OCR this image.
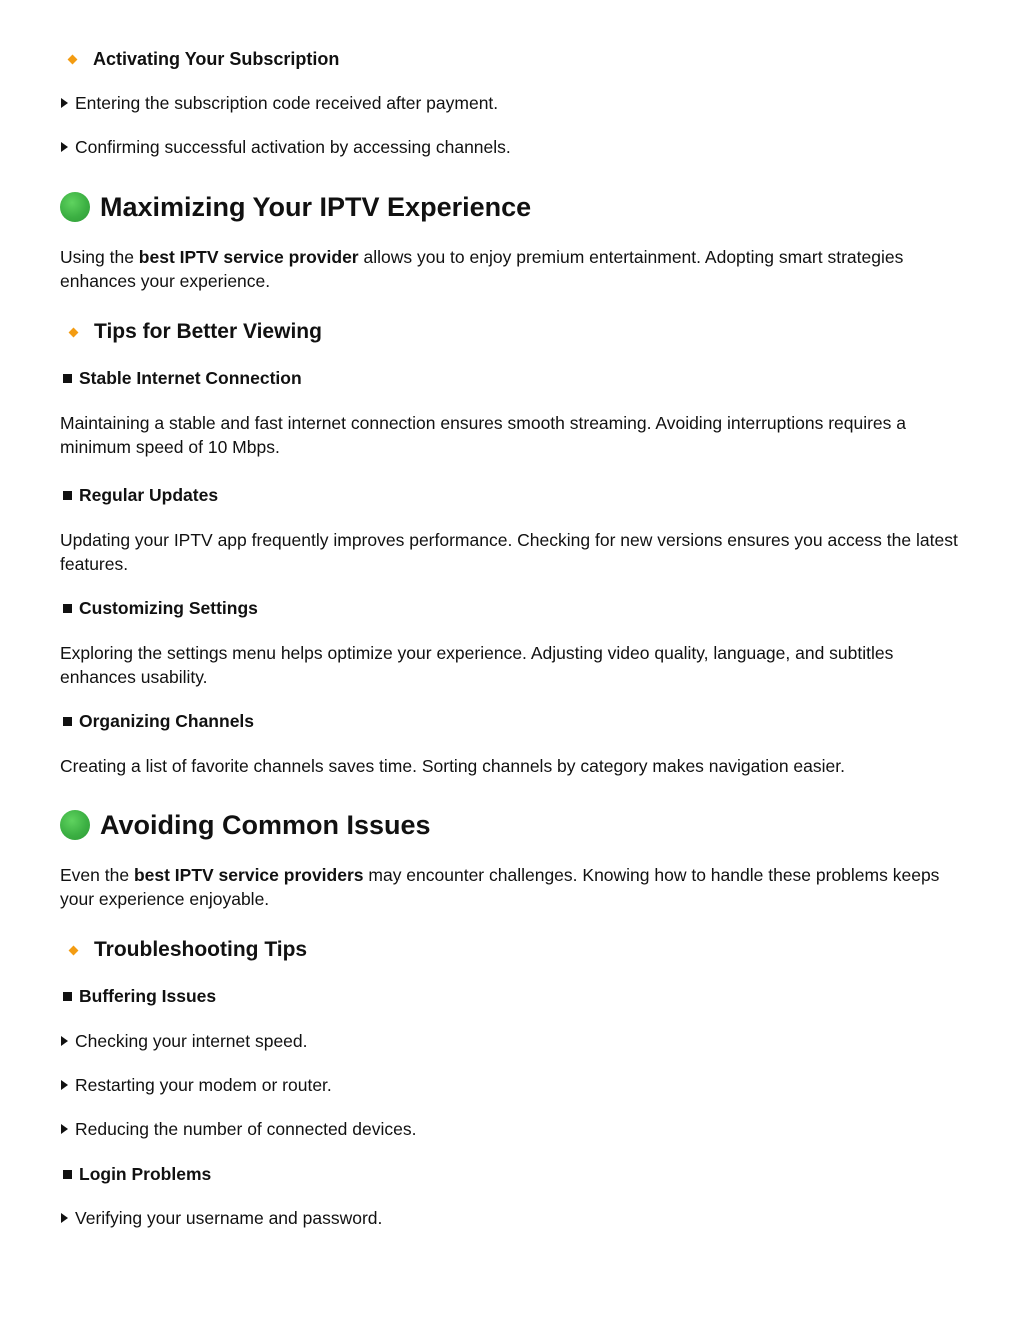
Activating Your Subscription
Entering the subscription code received after payment.
Confirming successful activation by accessing channels.
Maximizing Your IPTV Experience
Using the best IPTV service provider allows you to enjoy premium entertainment. Adopting smart strategies enhances your experience.
Tips for Better Viewing
Stable Internet Connection
Maintaining a stable and fast internet connection ensures smooth streaming. Avoiding interruptions requires a minimum speed of 10 Mbps.
Regular Updates
Updating your IPTV app frequently improves performance. Checking for new versions ensures you access the latest features.
Customizing Settings
Exploring the settings menu helps optimize your experience. Adjusting video quality, language, and subtitles enhances usability.
Organizing Channels
Creating a list of favorite channels saves time. Sorting channels by category makes navigation easier.
Avoiding Common Issues
Even the best IPTV service providers may encounter challenges. Knowing how to handle these problems keeps your experience enjoyable.
Troubleshooting Tips
Buffering Issues
Checking your internet speed.
Restarting your modem or router.
Reducing the number of connected devices.
Login Problems
Verifying your username and password.
